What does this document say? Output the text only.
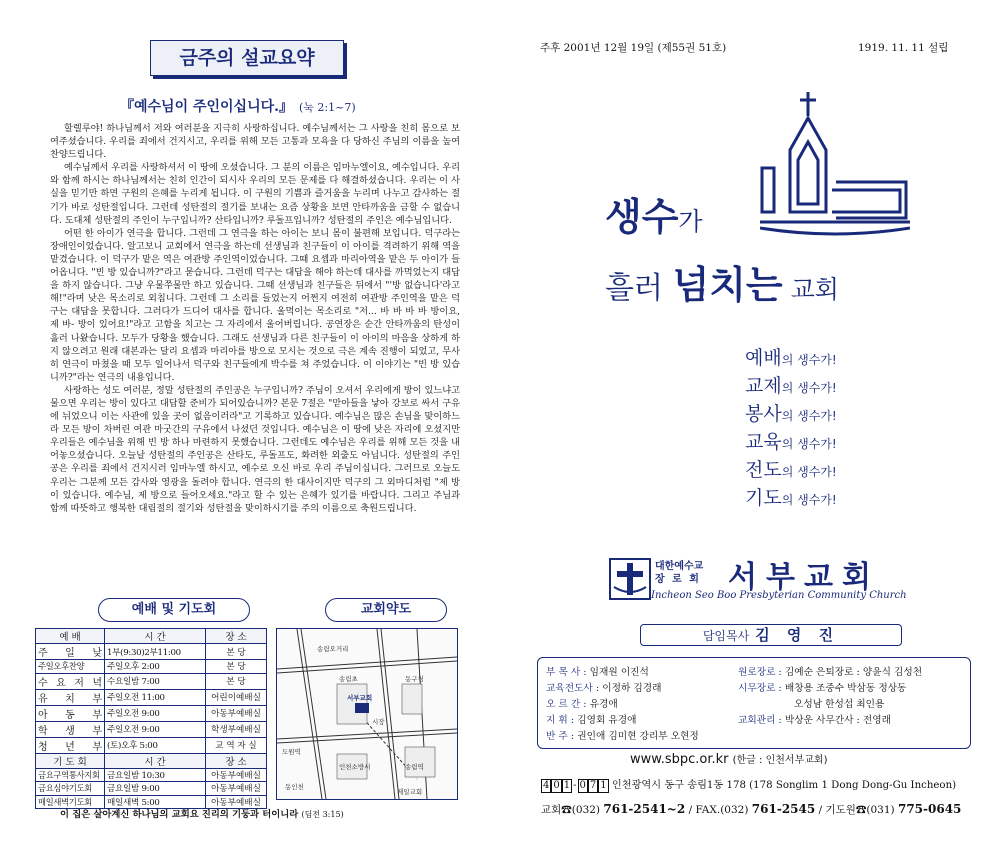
금주의 설교요약
『예수님이 주인이십니다.』 (눅 2:1~7)

할렐루야! 하나님께서 저와 여러분을 지극히 사랑하십니다. 예수님께서는 그 사랑을 친히 몸으로 보여주셨습니다. 우리를 죄에서 건지시고, 우리를 위해 모든 고통과 모욕을 다 당하신 주님의 이름을 높여 찬양드립니다.

예수님께서 우리를 사랑하셔서 이 땅에 오셨습니다. 그 분의 이름은 임마누엘이요, 예수입니다. 우리와 함께 하시는 하나님께서는 친히 인간이 되시사 우리의 모든 문제를 다 해결하셨습니다. 우리는 이 사실을 믿기만 하면 구원의 은혜를 누리게 됩니다. 이 구원의 기쁨과 즐거움을 누리며 나누고 감사하는 절기가 바로 성탄절입니다. 그런데 성탄절의 절기를 보내는 요즘 상황을 보면 안타까움을 금할 수 없습니다. 도대체 성탄절의 주인이 누구입니까? 산타입니까? 루돌프입니까? 성탄절의 주인은 예수님입니다.

어떤 한 아이가 연극을 합니다. 그런데 그 연극을 하는 아이는 보니 몸이 불편해 보입니다. 덕구라는 장애인이었습니다. 알고보니 교회에서 연극을 하는데 선생님과 친구들이 이 아이를 격려하기 위해 역을 맡겼습니다. 이 덕구가 맡은 역은 여관방 주인역이었습니다. 그때 요셉과 마리아역을 맡은 두 아이가 들어옵니다. "빈 방 있습니까?"라고 묻습니다. 그런데 덕구는 대답을 해야 하는데 대사를 까먹었는지 대답을 하지 않습니다. 그냥 우물쭈물만 하고 있습니다. 그때 선생님과 친구들은 뒤에서 "'방 없습니다'라고 해!"라며 낮은 목소리로 외칩니다. 그런데 그 소리를 들었는지 어쩐지 여전히 여관방 주인역을 맡은 덕구는 대답을 못합니다. 그러다가 드디어 대사를 합니다. 울먹이는 목소리로 "저... 바 바 바 바 방이요, 제 바- 방이 있어요!"라고 고함을 치고는 그 자리에서 울어버립니다. 공연장은 순간 안타까움의 탄성이 흘러 나왔습니다. 모두가 당황을 했습니다. 그래도 선생님과 다른 친구들이 이 아이의 마음을 상하게 하지 않으려고 원래 대본과는 달리 요셉과 마리아를 방으로 모시는 것으로 극은 계속 진행이 되었고, 무사히 연극이 마쳤을 때 모두 일어나서 덕구와 친구들에게 박수를 쳐 주었습니다. 이 이야기는 "빈 방 있습니까?"라는 연극의 내용입니다.

사랑하는 성도 여러분, 정말 성탄절의 주인공은 누구입니까? 주님이 오셔서 우리에게 방이 있느냐고 물으면 우리는 방이 있다고 대답할 준비가 되어있습니까? 본문 7절은 "맏아들을 낳아 강보로 싸서 구유에 뉘었으니 이는 사관에 있을 곳이 없음이러라"고 기록하고 있습니다. 예수님은 많은 손님을 맞이하느라 모든 방이 차버린 여관 마굿간의 구유에서 나셨던 것입니다. 예수님은 이 땅에 낮은 자리에 오셨지만 우리들은 예수님을 위해 빈 방 하나 마련하지 못했습니다. 그런데도 예수님은 우리를 위해 모든 것을 내어놓으셨습니다. 오늘날 성탄절의 주인공은 산타도, 루돌프도, 화려한 외출도 아닙니다. 성탄절의 주인공은 우리를 죄에서 건지시러 임마누엘 하시고, 예수로 오신 바로 우리 주님이십니다. 그러므로 오늘도 우리는 그분께 모든 감사와 영광을 돌려야 합니다. 연극의 한 대사이지만 덕구의 그 외마디처럼 "제 방이 있습니다. 예수님, 제 방으로 들어오세요."라고 할 수 있는 은혜가 있기를 바랍니다. 그리고 주님과 함께 따뜻하고 행복한 대림절의 절기와 성탄절을 맞이하시기를 주의 이름으로 축원드립니다.

예배 및 기도회	교회약도
예 배	시 간	장 소
주 일 낮	1부(9:30)2부11:00	본 당
주일오후찬양	주일오후 2:00	본 당
수 요 저 녁	수요일밤 7:00	본 당
유 치 부	주일오전 11:00	어린이예배실
아 동 부	주일오전 9:00	아동부예배실
학 생 부	주일오전 9:00	학생부예배실
청 년 부	(토)오후 5:00	교 역 자 실
기 도 회	시 간	장 소
금요구역통사지회	금요일밤 10:30	아동부예배실
금요심야기도회	금요일밤 9:00	아동부예배실
매일새벽기도회	매일새벽 5:00	아동부예배실
송림오거리
송림초
서부교회
동구청
시장
도원역
인천소방서	송림역
동인천
제일교회
이 집은 살아계신 하나님의 교회요 진리의 기둥과 터이니라 (딤전 3:15)
주후 2001년 12월 19일 (제55권 51호)	1919. 11. 11 설립
생수가
흘러 넘치는 교회
예배의 생수가!
교제의 생수가!
봉사의 생수가!
교육의 생수가!
전도의 생수가!
기도의 생수가!
대한예수교
장 로 회 서부교회
Incheon Seo Boo Presbyterian Community Church
담임목사 김 영 진
부 목 사 : 임재원 이진석
교육전도사 : 이정하 김경래
오 르 간 : 유경애
지 휘 : 김영회 유경애
반 주 : 권인애 김미현 강리부 오현정
원로장로 : 김예순 은퇴장로 : 양윤식 김성천
시무장로 : 배창용 조중수 박삼동 정상동
오성남 한성섭 최인용
교회관리 : 박상운 사무간사 : 전영래
www.sbpc.or.kr (한글 : 인천서부교회)
4 0 1 - 0 7 1 인천광역시 동구 송림1동 178 (178 Songlim 1 Dong Dong-Gu Incheon)
교회☎(032) 761-2541~2 / FAX.(032) 761-2545 / 기도원☎(031) 775-0645
